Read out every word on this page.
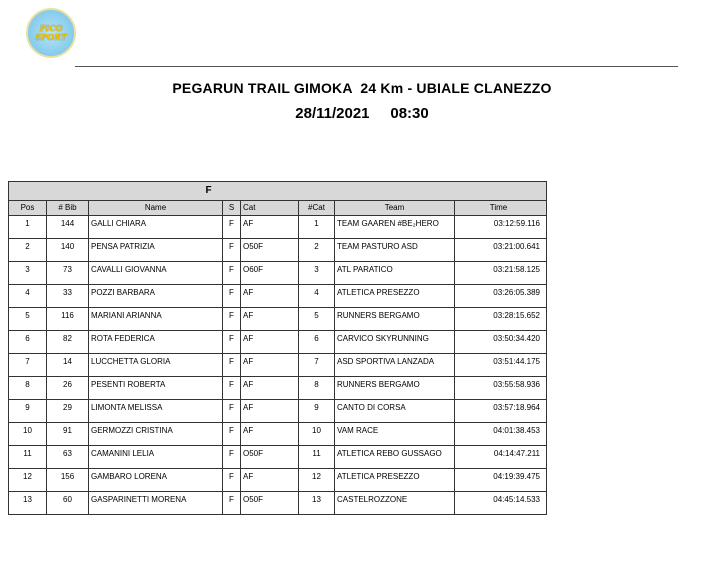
PICO
SPORT
PEGARUN TRAIL GIMOKA  24 Km - UBIALE CLANEZZO
28/11/2021     08:30
F							
Pos	# Bib	Name	S	Cat	#Cat	Team	Time
1	144	GALLI CHIARA	F	AF	1	TEAM GAAREN #BE₂HERO	03:12:59.116
2	140	PENSA PATRIZIA	F	O50F	2	TEAM PASTURO ASD	03:21:00.641
3	73	CAVALLI GIOVANNA	F	O60F	3	ATL PARATICO	03:21:58.125
4	33	POZZI BARBARA	F	AF	4	ATLETICA PRESEZZO	03:26:05.389
5	116	MARIANI ARIANNA	F	AF	5	RUNNERS BERGAMO	03:28:15.652
6	82	ROTA FEDERICA	F	AF	6	CARVICO SKYRUNNING	03:50:34.420
7	14	LUCCHETTA GLORIA	F	AF	7	ASD SPORTIVA LANZADA	03:51:44.175
8	26	PESENTI ROBERTA	F	AF	8	RUNNERS BERGAMO	03:55:58.936
9	29	LIMONTA MELISSA	F	AF	9	CANTO DI CORSA	03:57:18.964
10	91	GERMOZZI CRISTINA	F	AF	10	VAM RACE	04:01:38.453
11	63	CAMANINI LELIA	F	O50F	11	ATLETICA REBO GUSSAGO	04:14:47.211
12	156	GAMBARO LORENA	F	AF	12	ATLETICA PRESEZZO	04:19:39.475
13	60	GASPARINETTI MORENA	F	O50F	13	CASTELROZZONE	04:45:14.533
